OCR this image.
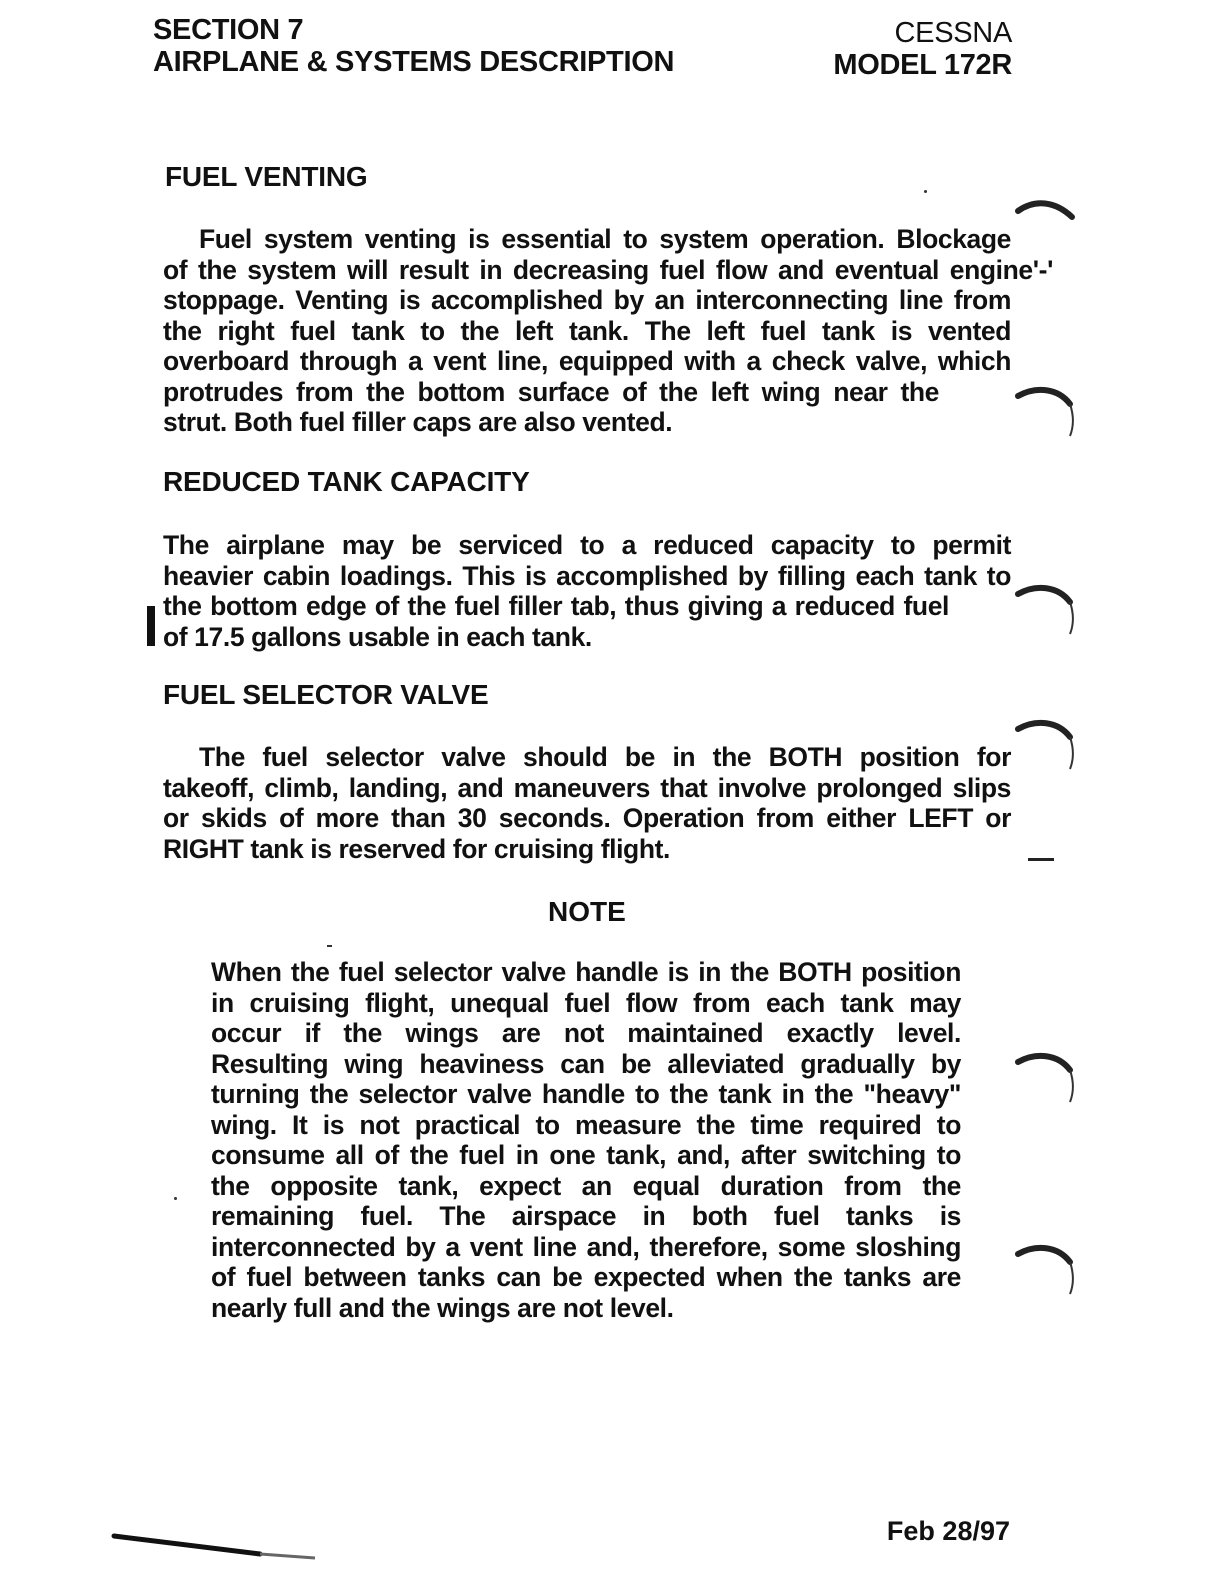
SECTION 7
AIRPLANE & SYSTEMS DESCRIPTION
CESSNA
MODEL 172R
FUEL VENTING
Fuel system venting is essential to system operation. Blockage
of the system will result in decreasing fuel flow and eventual engine'-'
stoppage. Venting is accomplished by an interconnecting line from
the right fuel tank to the left tank. The left fuel tank is vented
overboard through a vent line, equipped with a check valve, which
protrudes from the bottom surface of the left wing near the
strut. Both fuel filler caps are also vented.
REDUCED TANK CAPACITY
The airplane may be serviced to a reduced capacity to permit
heavier cabin loadings. This is accomplished by filling each tank to
the bottom edge of the fuel filler tab, thus giving a reduced fuel
of 17.5 gallons usable in each tank.
FUEL SELECTOR VALVE
The fuel selector valve should be in the BOTH position for
takeoff, climb, landing, and maneuvers that involve prolonged slips
or skids of more than 30 seconds. Operation from either LEFT or
RIGHT tank is reserved for cruising flight.
NOTE
When the fuel selector valve handle is in the BOTH position
in cruising flight, unequal fuel flow from each tank may
occur if the wings are not maintained exactly level.
Resulting wing heaviness can be alleviated gradually by
turning the selector valve handle to the tank in the "heavy"
wing. It is not practical to measure the time required to
consume all of the fuel in one tank, and, after switching to
the opposite tank, expect an equal duration from the
remaining fuel. The airspace in both fuel tanks is
interconnected by a vent line and, therefore, some sloshing
of fuel between tanks can be expected when the tanks are
nearly full and the wings are not level.
Feb 28/97
